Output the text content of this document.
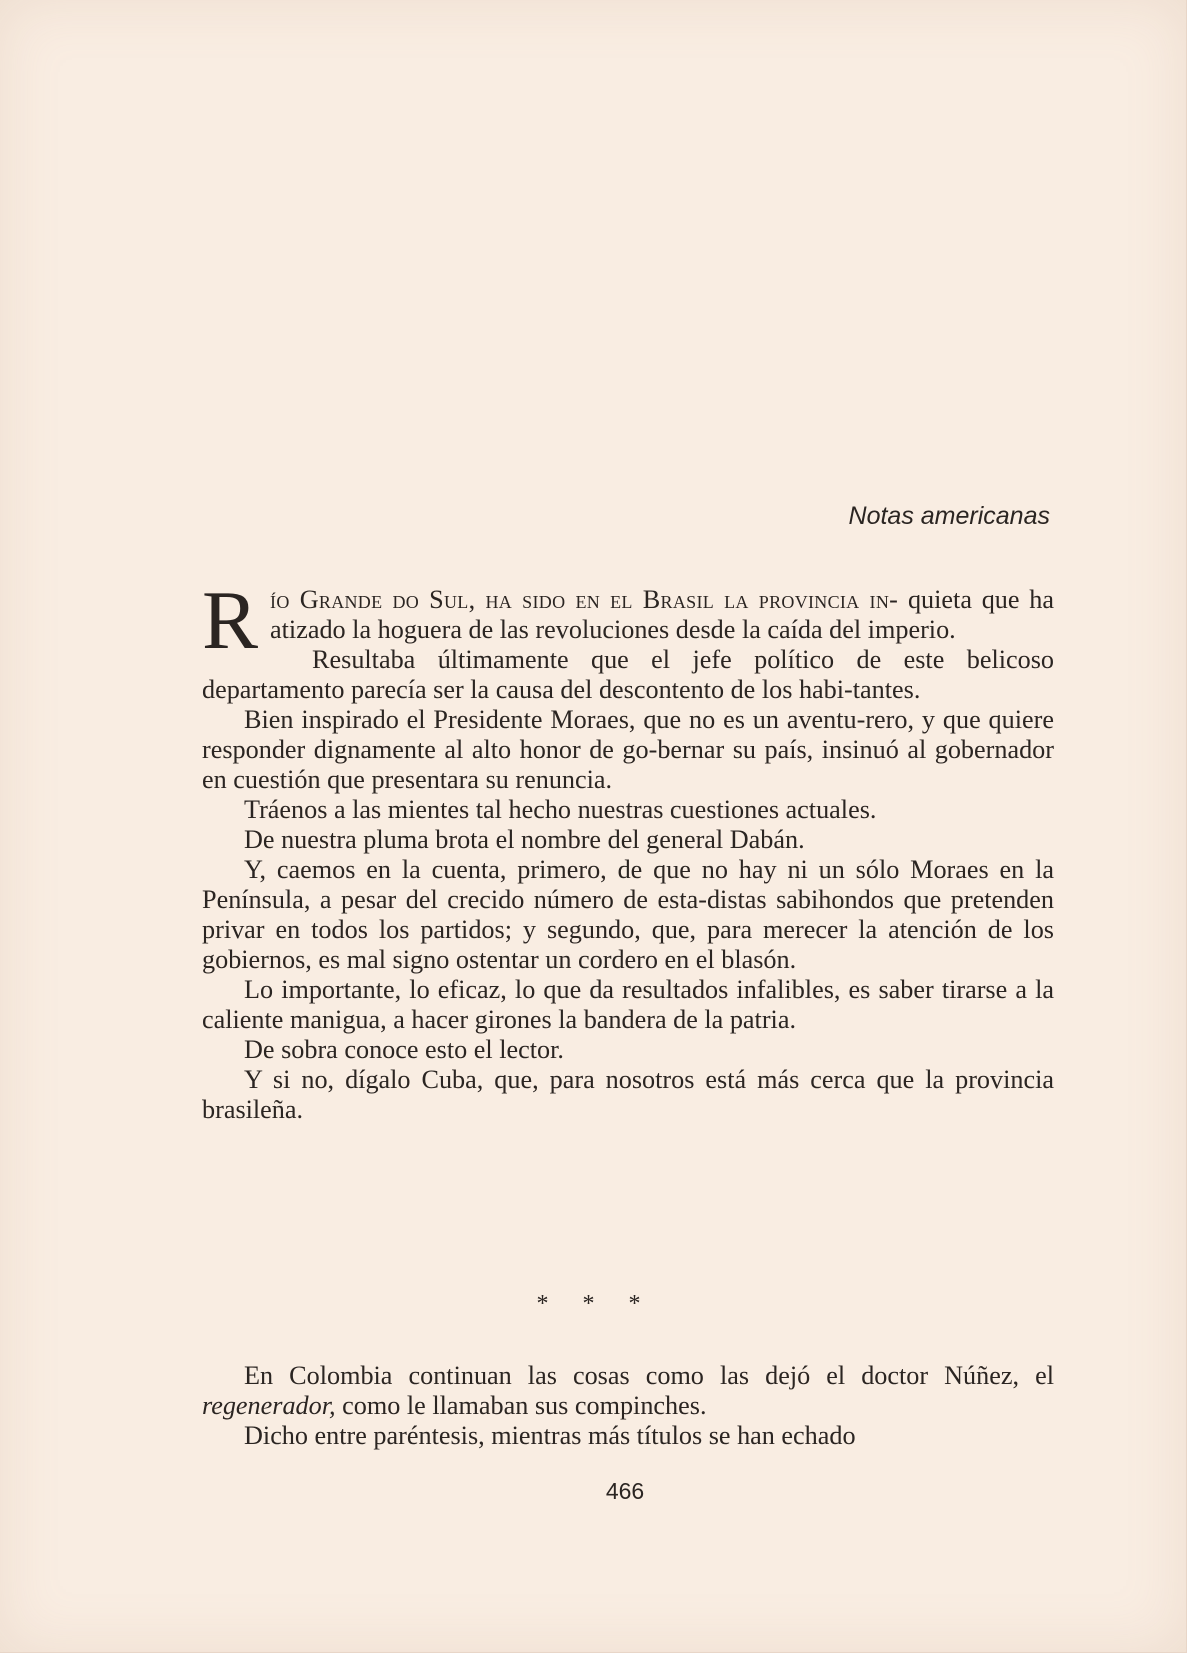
Notas americanas

Río Grande do Sul, ha sido en el Brasil la provincia in- quieta que ha atizado la hoguera de las revoluciones desde la caída del imperio.

Resultaba últimamente que el jefe político de este belicoso departamento parecía ser la causa del descontento de los habi-tantes.

Bien inspirado el Presidente Moraes, que no es un aventu-rero, y que quiere responder dignamente al alto honor de go-bernar su país, insinuó al gobernador en cuestión que presentara su renuncia.

Tráenos a las mientes tal hecho nuestras cuestiones actuales.

De nuestra pluma brota el nombre del general Dabán.

Y, caemos en la cuenta, primero, de que no hay ni un sólo Moraes en la Península, a pesar del crecido número de esta-distas sabihondos que pretenden privar en todos los partidos; y segundo, que, para merecer la atención de los gobiernos, es mal signo ostentar un cordero en el blasón.

Lo importante, lo eficaz, lo que da resultados infalibles, es saber tirarse a la caliente manigua, a hacer girones la bandera de la patria.

De sobra conoce esto el lector.

Y si no, dígalo Cuba, que, para nosotros está más cerca que la provincia brasileña.

* * *

En Colombia continuan las cosas como las dejó el doctor Núñez, el regenerador, como le llamaban sus compinches.

Dicho entre paréntesis, mientras más títulos se han echado

466
